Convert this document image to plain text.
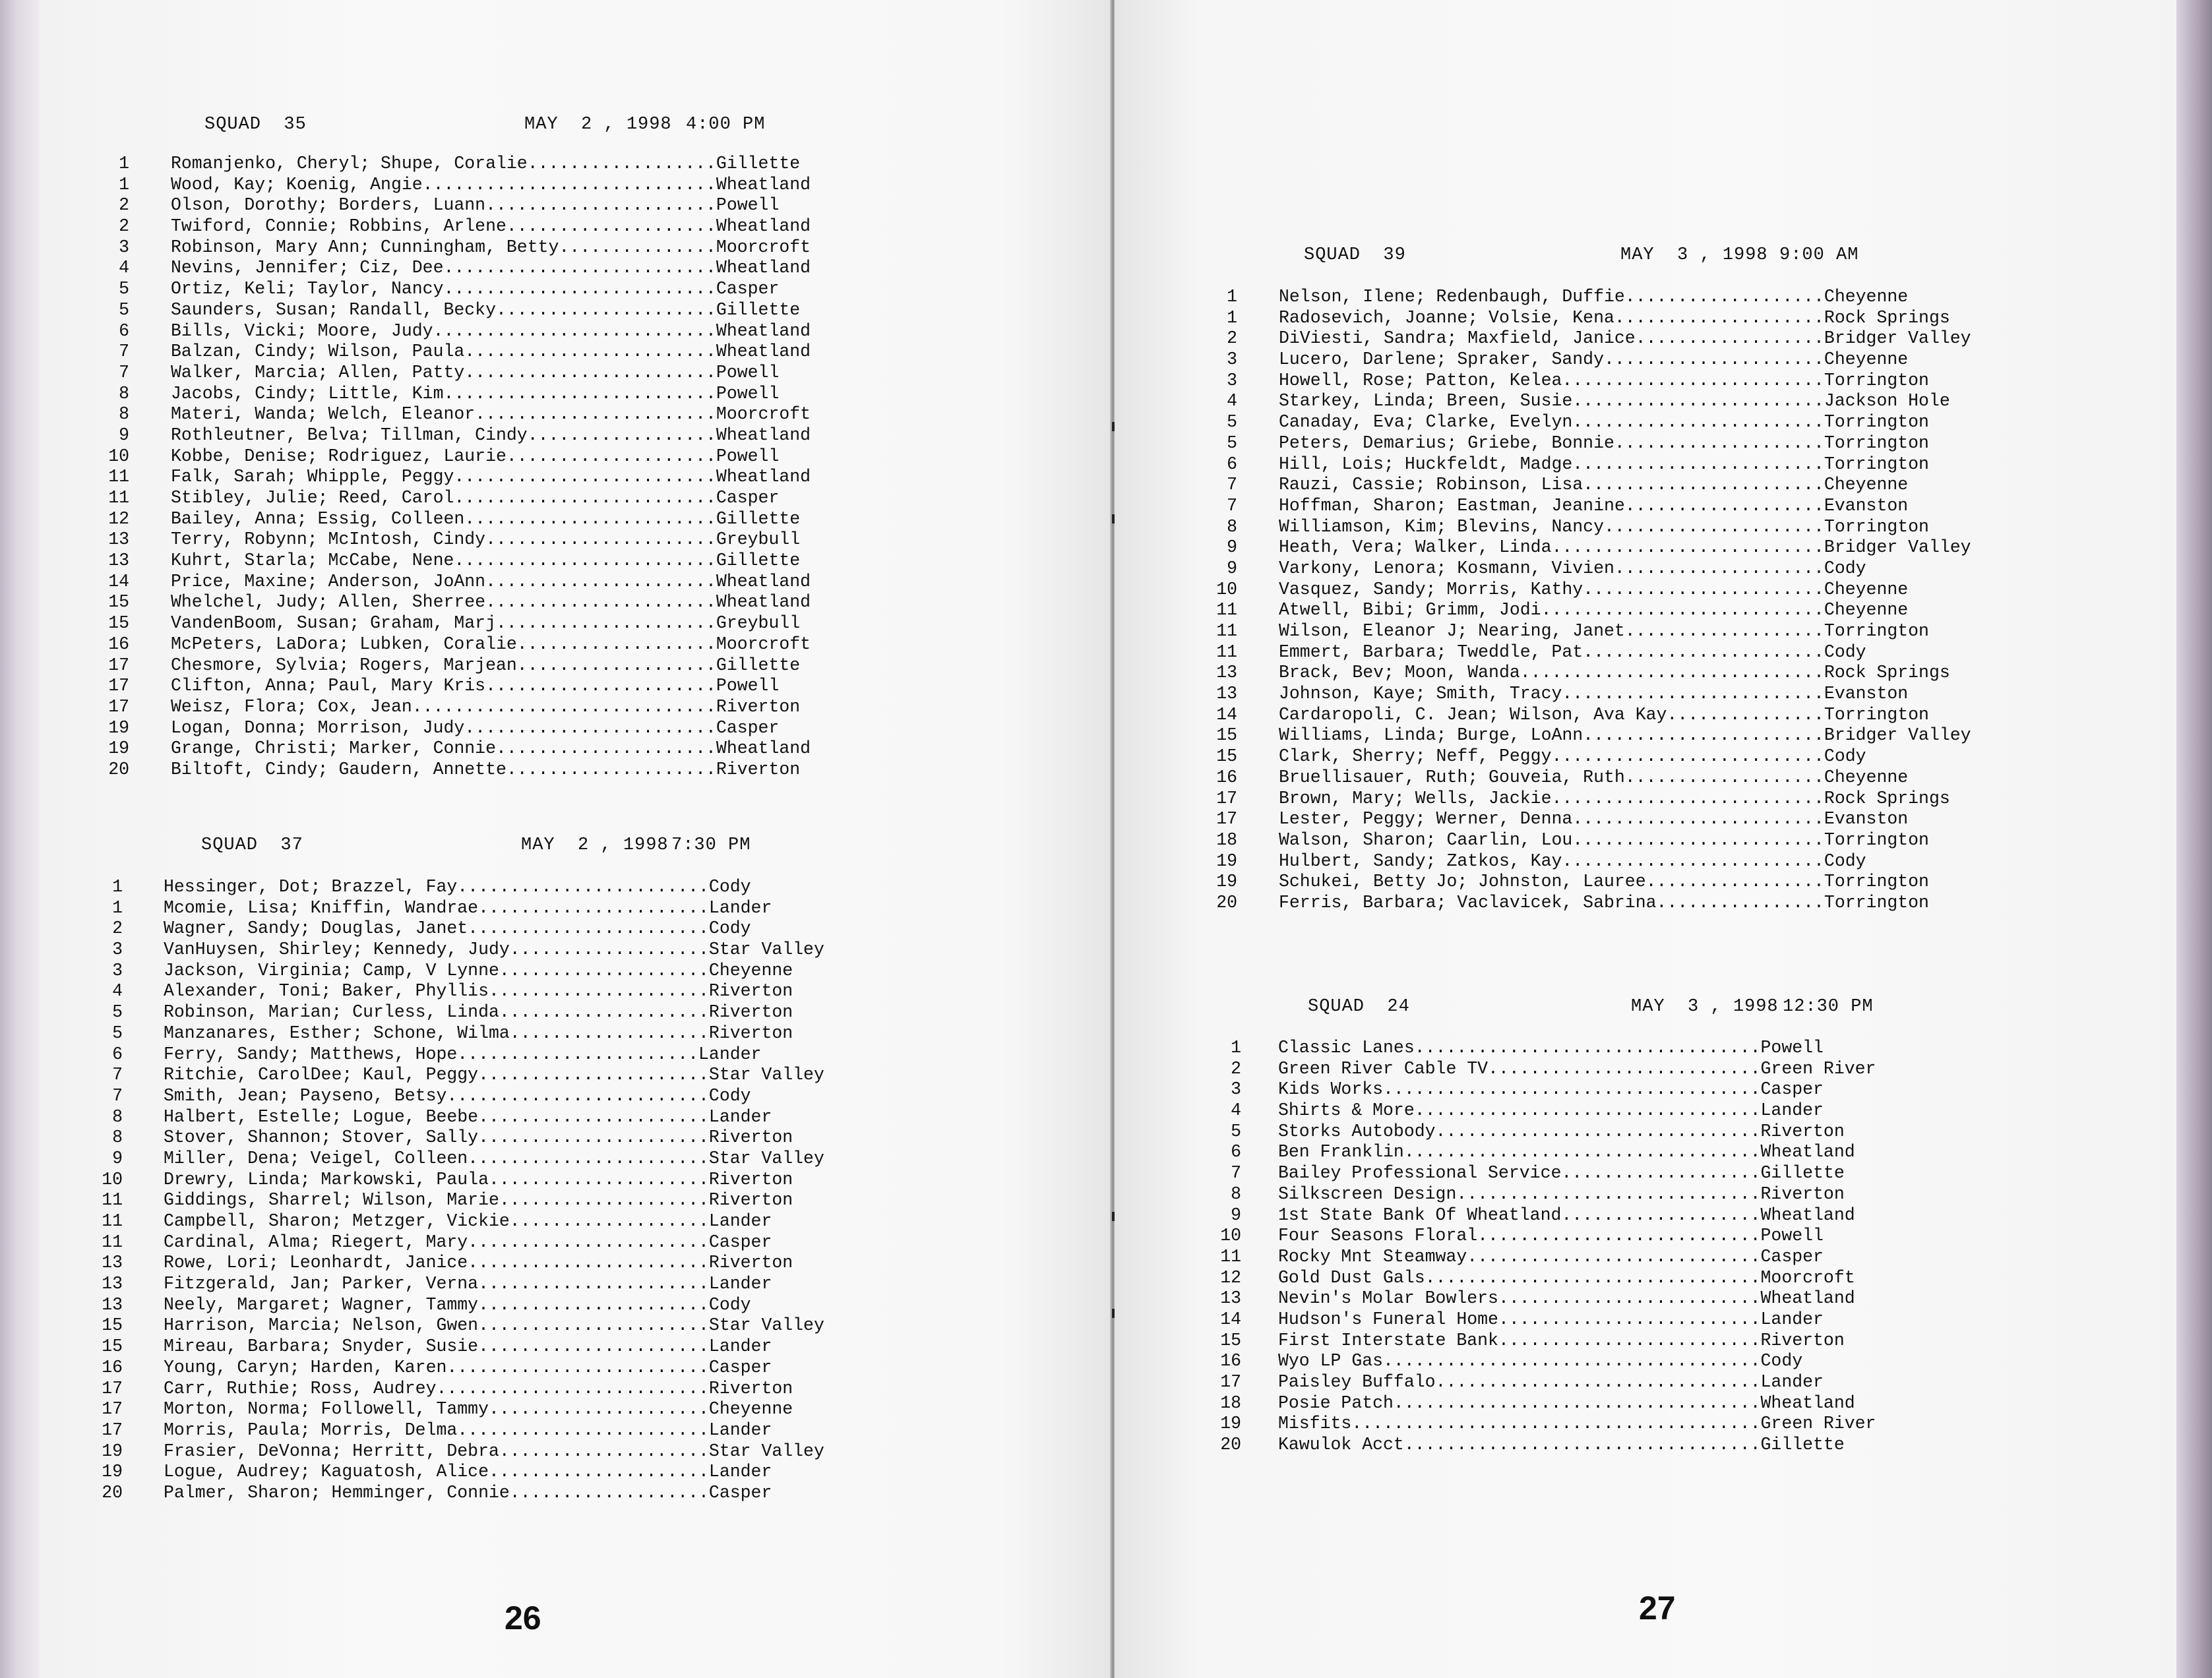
SQUAD  35	MAY  2 , 1998 4:00 PM
1 Romanjenko, Cheryl; Shupe, Coralie..................Gillette
1 Wood, Kay; Koenig, Angie............................Wheatland
2 Olson, Dorothy; Borders, Luann......................Powell
2 Twiford, Connie; Robbins, Arlene....................Wheatland
3 Robinson, Mary Ann; Cunningham, Betty...............Moorcroft
4 Nevins, Jennifer; Ciz, Dee..........................Wheatland
5 Ortiz, Keli; Taylor, Nancy..........................Casper
5 Saunders, Susan; Randall, Becky.....................Gillette
6 Bills, Vicki; Moore, Judy...........................Wheatland
7 Balzan, Cindy; Wilson, Paula........................Wheatland
7 Walker, Marcia; Allen, Patty........................Powell
8 Jacobs, Cindy; Little, Kim..........................Powell
8 Materi, Wanda; Welch, Eleanor.......................Moorcroft
9 Rothleutner, Belva; Tillman, Cindy..................Wheatland
10 Kobbe, Denise; Rodriguez, Laurie....................Powell
11 Falk, Sarah; Whipple, Peggy.........................Wheatland
11 Stibley, Julie; Reed, Carol.........................Casper
12 Bailey, Anna; Essig, Colleen........................Gillette
13 Terry, Robynn; McIntosh, Cindy......................Greybull
13 Kuhrt, Starla; McCabe, Nene.........................Gillette
14 Price, Maxine; Anderson, JoAnn......................Wheatland
15 Whelchel, Judy; Allen, Sherree......................Wheatland
15 VandenBoom, Susan; Graham, Marj.....................Greybull
16 McPeters, LaDora; Lubken, Coralie...................Moorcroft
17 Chesmore, Sylvia; Rogers, Marjean...................Gillette
17 Clifton, Anna; Paul, Mary Kris......................Powell
17 Weisz, Flora; Cox, Jean.............................Riverton
19 Logan, Donna; Morrison, Judy........................Casper
19 Grange, Christi; Marker, Connie.....................Wheatland
20 Biltoft, Cindy; Gaudern, Annette....................Riverton
SQUAD  37	MAY  2 , 1998 7:30 PM
1 Hessinger, Dot; Brazzel, Fay........................Cody
1 Mcomie, Lisa; Kniffin, Wandrae......................Lander
2 Wagner, Sandy; Douglas, Janet.......................Cody
3 VanHuysen, Shirley; Kennedy, Judy...................Star Valley
3 Jackson, Virginia; Camp, V Lynne....................Cheyenne
4 Alexander, Toni; Baker, Phyllis.....................Riverton
5 Robinson, Marian; Curless, Linda....................Riverton
5 Manzanares, Esther; Schone, Wilma...................Riverton
6 Ferry, Sandy; Matthews, Hope.......................Lander
7 Ritchie, CarolDee; Kaul, Peggy......................Star Valley
7 Smith, Jean; Payseno, Betsy.........................Cody
8 Halbert, Estelle; Logue, Beebe......................Lander
8 Stover, Shannon; Stover, Sally......................Riverton
9 Miller, Dena; Veigel, Colleen.......................Star Valley
10 Drewry, Linda; Markowski, Paula.....................Riverton
11 Giddings, Sharrel; Wilson, Marie....................Riverton
11 Campbell, Sharon; Metzger, Vickie...................Lander
11 Cardinal, Alma; Riegert, Mary.......................Casper
13 Rowe, Lori; Leonhardt, Janice.......................Riverton
13 Fitzgerald, Jan; Parker, Verna......................Lander
13 Neely, Margaret; Wagner, Tammy......................Cody
15 Harrison, Marcia; Nelson, Gwen......................Star Valley
15 Mireau, Barbara; Snyder, Susie......................Lander
16 Young, Caryn; Harden, Karen.........................Casper
17 Carr, Ruthie; Ross, Audrey..........................Riverton
17 Morton, Norma; Followell, Tammy.....................Cheyenne
17 Morris, Paula; Morris, Delma........................Lander
19 Frasier, DeVonna; Herritt, Debra....................Star Valley
19 Logue, Audrey; Kaguatosh, Alice.....................Lander
20 Palmer, Sharon; Hemminger, Connie...................Casper
26
SQUAD  39	MAY  3 , 1998 9:00 AM
1 Nelson, Ilene; Redenbaugh, Duffie...................Cheyenne
1 Radosevich, Joanne; Volsie, Kena....................Rock Springs
2 DiViesti, Sandra; Maxfield, Janice..................Bridger Valley
3 Lucero, Darlene; Spraker, Sandy.....................Cheyenne
3 Howell, Rose; Patton, Kelea.........................Torrington
4 Starkey, Linda; Breen, Susie........................Jackson Hole
5 Canaday, Eva; Clarke, Evelyn........................Torrington
5 Peters, Demarius; Griebe, Bonnie....................Torrington
6 Hill, Lois; Huckfeldt, Madge........................Torrington
7 Rauzi, Cassie; Robinson, Lisa.......................Cheyenne
7 Hoffman, Sharon; Eastman, Jeanine...................Evanston
8 Williamson, Kim; Blevins, Nancy.....................Torrington
9 Heath, Vera; Walker, Linda..........................Bridger Valley
9 Varkony, Lenora; Kosmann, Vivien....................Cody
10 Vasquez, Sandy; Morris, Kathy.......................Cheyenne
11 Atwell, Bibi; Grimm, Jodi...........................Cheyenne
11 Wilson, Eleanor J; Nearing, Janet...................Torrington
11 Emmert, Barbara; Tweddle, Pat.......................Cody
13 Brack, Bev; Moon, Wanda.............................Rock Springs
13 Johnson, Kaye; Smith, Tracy.........................Evanston
14 Cardaropoli, C. Jean; Wilson, Ava Kay...............Torrington
15 Williams, Linda; Burge, LoAnn.......................Bridger Valley
15 Clark, Sherry; Neff, Peggy..........................Cody
16 Bruellisauer, Ruth; Gouveia, Ruth...................Cheyenne
17 Brown, Mary; Wells, Jackie..........................Rock Springs
17 Lester, Peggy; Werner, Denna........................Evanston
18 Walson, Sharon; Caarlin, Lou........................Torrington
19 Hulbert, Sandy; Zatkos, Kay.........................Cody
19 Schukei, Betty Jo; Johnston, Lauree.................Torrington
20 Ferris, Barbara; Vaclavicek, Sabrina................Torrington
SQUAD  24	MAY  3 , 1998 12:30 PM
1 Classic Lanes.................................Powell
2 Green River Cable TV..........................Green River
3 Kids Works....................................Casper
4 Shirts & More.................................Lander
5 Storks Autobody...............................Riverton
6 Ben Franklin..................................Wheatland
7 Bailey Professional Service...................Gillette
8 Silkscreen Design.............................Riverton
9 1st State Bank Of Wheatland...................Wheatland
10 Four Seasons Floral...........................Powell
11 Rocky Mnt Steamway............................Casper
12 Gold Dust Gals................................Moorcroft
13 Nevin's Molar Bowlers.........................Wheatland
14 Hudson's Funeral Home.........................Lander
15 First Interstate Bank.........................Riverton
16 Wyo LP Gas....................................Cody
17 Paisley Buffalo...............................Lander
18 Posie Patch...................................Wheatland
19 Misfits.......................................Green River
20 Kawulok Acct..................................Gillette
27
